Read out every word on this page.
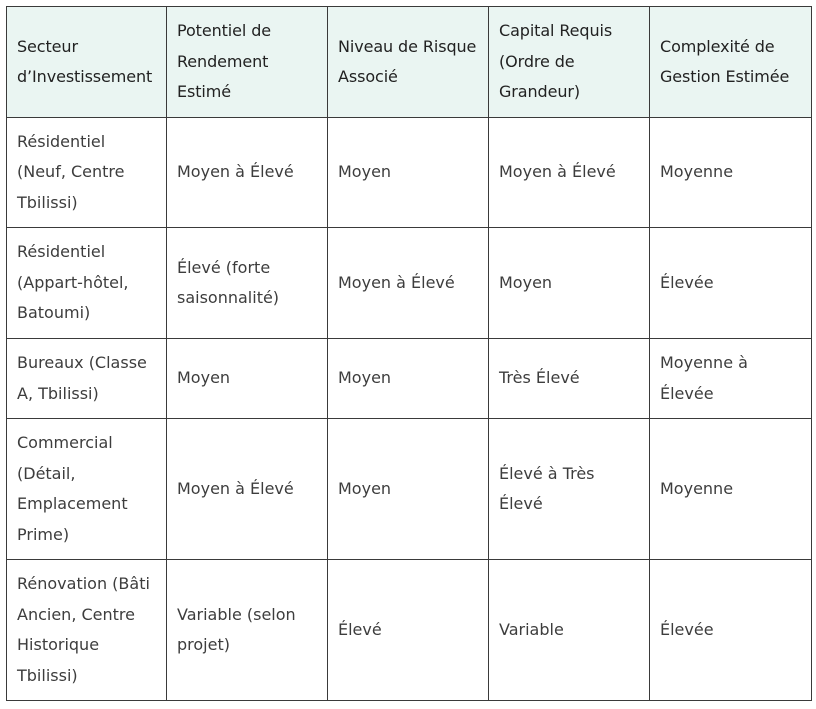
Secteur d’Investissement	Potentiel de Rendement Estimé	Niveau de Risque Associé	Capital Requis (Ordre de Grandeur)	Complexité de Gestion Estimée
Résidentiel (Neuf, Centre Tbilissi)	Moyen à Élevé	Moyen	Moyen à Élevé	Moyenne
Résidentiel (Appart-hôtel, Batoumi)	Élevé (forte saisonnalité)	Moyen à Élevé	Moyen	Élevée
Bureaux (Classe A, Tbilissi)	Moyen	Moyen	Très Élevé	Moyenne à Élevée
Commercial (Détail, Emplacement Prime)	Moyen à Élevé	Moyen	Élevé à Très Élevé	Moyenne
Rénovation (Bâti Ancien, Centre Historique Tbilissi)	Variable (selon projet)	Élevé	Variable	Élevée
